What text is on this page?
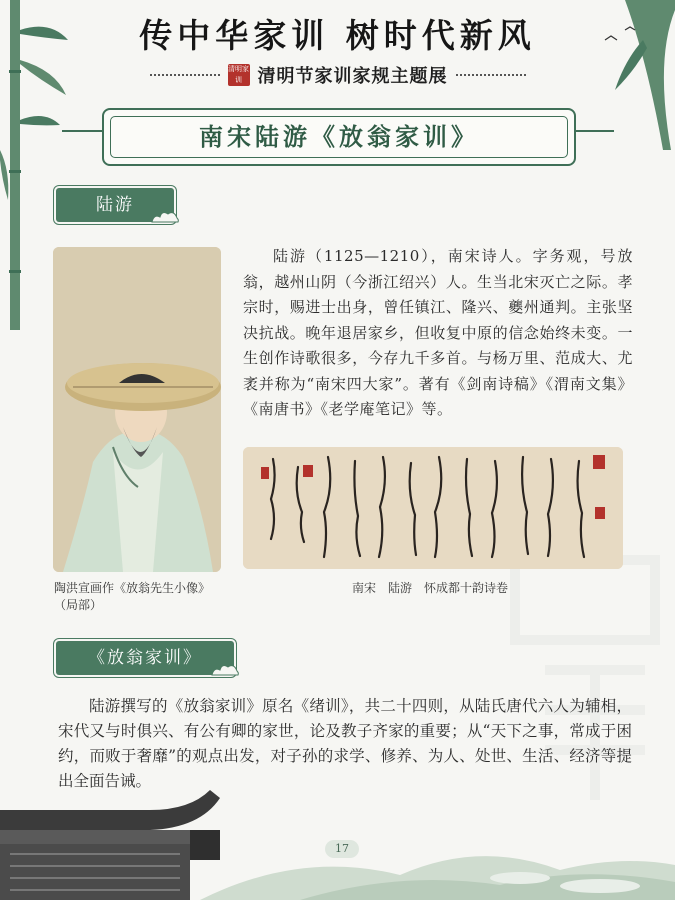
传中华家训 树时代新风
清明家训 清明节家训家规主题展
南宋陆游《放翁家训》
陆游
陶洪宣画作《放翁先生小像》
（局部）

陆游（1125—1210），南宋诗人。字务观，号放翁，越州山阴（今浙江绍兴）人。生当北宋灭亡之际。孝宗时，赐进士出身，曾任镇江、隆兴、夔州通判。主张坚决抗战。晚年退居家乡，但收复中原的信念始终未变。一生创作诗歌很多，今存九千多首。与杨万里、范成大、尤袤并称为“南宋四大家”。著有《剑南诗稿》《渭南文集》《南唐书》《老学庵笔记》等。

南宋　陆游　怀成都十韵诗卷
《放翁家训》

陆游撰写的《放翁家训》原名《绪训》，共二十四则，从陆氏唐代六人为辅相，宋代又与时俱兴、有公有卿的家世，论及教子齐家的重要；从“天下之事，常成于困约，而败于奢靡”的观点出发，对子孙的求学、修养、为人、处世、生活、经济等提出全面告诫。

17
